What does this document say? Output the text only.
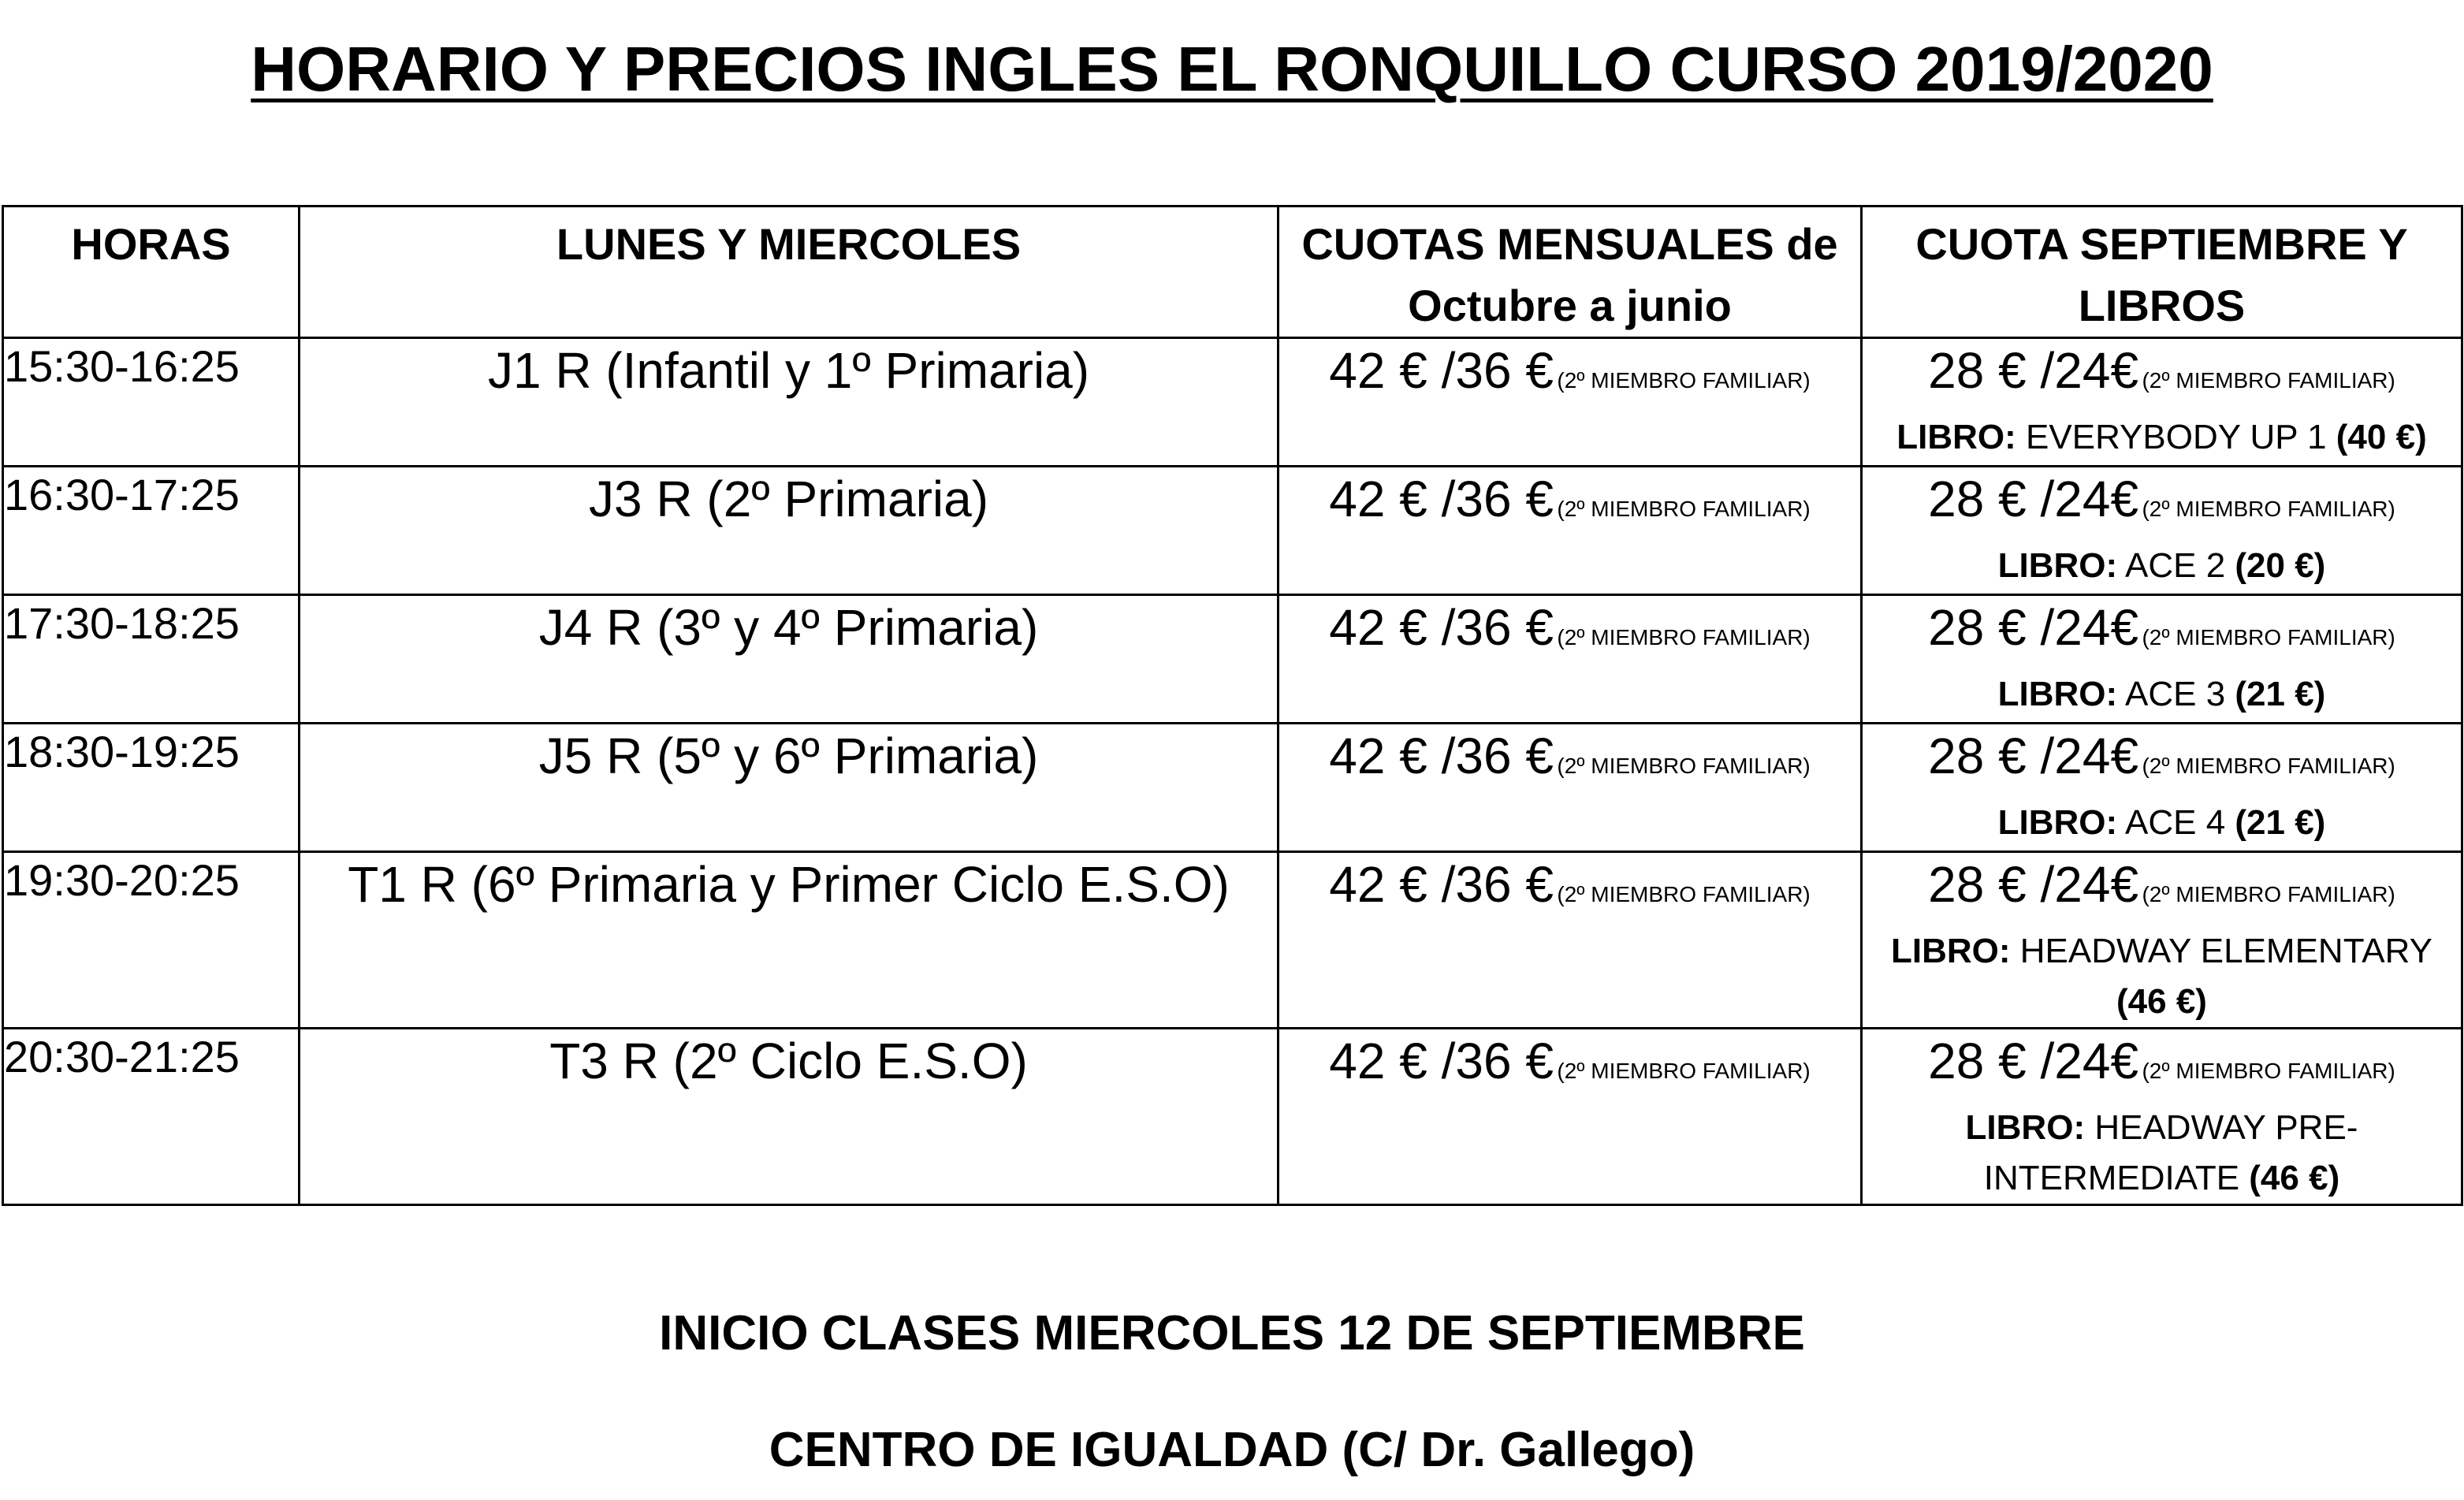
HORARIO Y PRECIOS INGLES EL RONQUILLO CURSO 2019/2020
HORAS	LUNES Y MIERCOLES	CUOTAS MENSUALES de Octubre a junio	CUOTA SEPTIEMBRE Y LIBROS
15:30-16:25	J1 R (Infantil y 1º Primaria)	42 € /36 € (2º MIEMBRO FAMILIAR)	28 € /24€ (2º MIEMBRO FAMILIAR)
LIBRO: EVERYBODY UP 1 (40 €)

16:30-17:25	J3 R (2º Primaria)	42 € /36 € (2º MIEMBRO FAMILIAR)	28 € /24€ (2º MIEMBRO FAMILIAR)
LIBRO: ACE 2 (20 €)

17:30-18:25	J4 R (3º y 4º Primaria)	42 € /36 € (2º MIEMBRO FAMILIAR)	28 € /24€ (2º MIEMBRO FAMILIAR)
LIBRO: ACE 3 (21 €)

18:30-19:25	J5 R (5º y 6º Primaria)	42 € /36 € (2º MIEMBRO FAMILIAR)	28 € /24€ (2º MIEMBRO FAMILIAR)
LIBRO: ACE 4 (21 €)

19:30-20:25	T1 R (6º Primaria y Primer Ciclo E.S.O)	42 € /36 € (2º MIEMBRO FAMILIAR)	28 € /24€ (2º MIEMBRO FAMILIAR)
LIBRO: HEADWAY ELEMENTARY (46 €)

20:30-21:25	T3 R (2º Ciclo E.S.O)	42 € /36 € (2º MIEMBRO FAMILIAR)	28 € /24€ (2º MIEMBRO FAMILIAR)
LIBRO: HEADWAY PRE-INTERMEDIATE (46 €)

INICIO CLASES MIERCOLES 12 DE SEPTIEMBRE

CENTRO DE IGUALDAD (C/ Dr. Gallego)
